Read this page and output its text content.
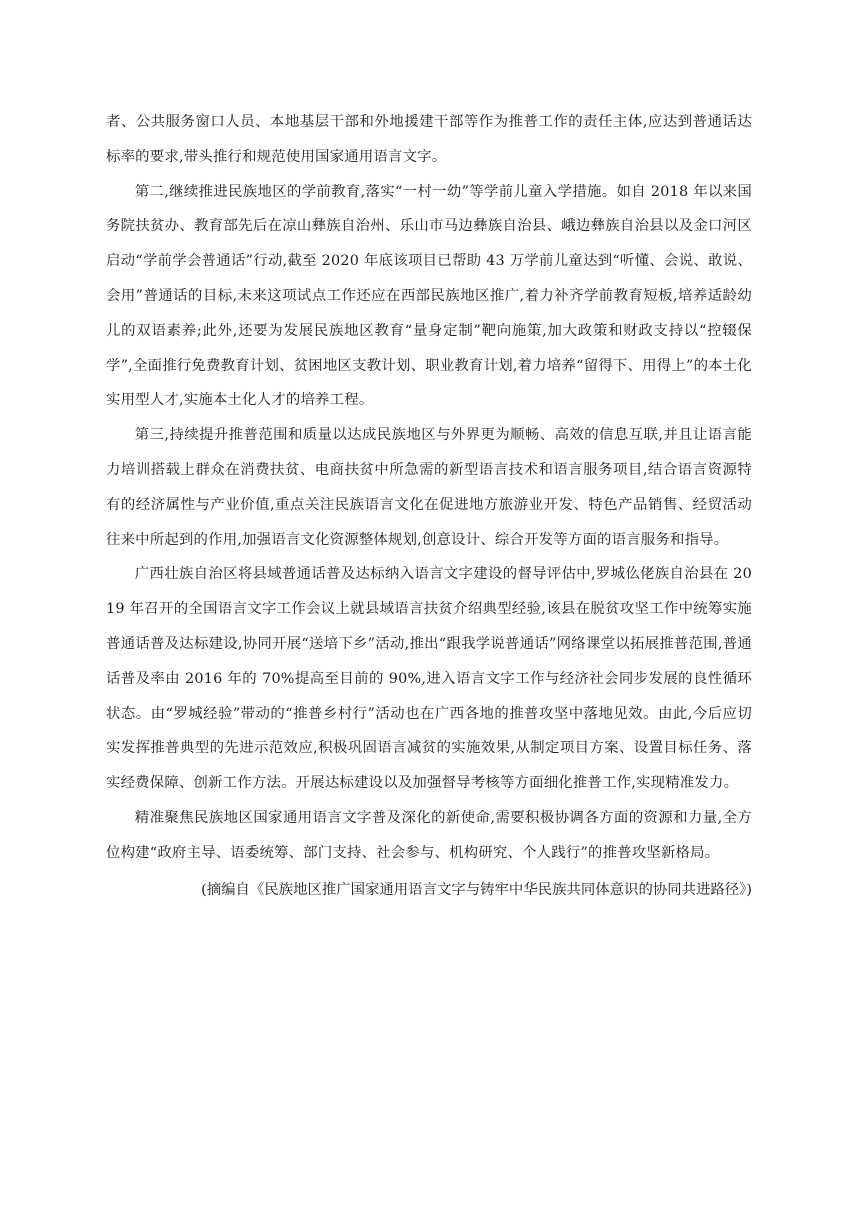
者、公共服务窗口人员、本地基层干部和外地援建干部等作为推普工作的责任主体,应达到普通话达标率的要求,带头推行和规范使用国家通用语言文字。

第二,继续推进民族地区的学前教育,落实“一村一幼”等学前儿童入学措施。如自 2018 年以来国务院扶贫办、教育部先后在凉山彝族自治州、乐山市马边彝族自治县、峨边彝族自治县以及金口河区启动“学前学会普通话”行动,截至 2020 年底该项目已帮助 43 万学前儿童达到“听懂、会说、敢说、会用”普通话的目标,未来这项试点工作还应在西部民族地区推广,着力补齐学前教育短板,培养适龄幼儿的双语素养;此外,还要为发展民族地区教育“量身定制”靶向施策,加大政策和财政支持以“控辍保学”,全面推行免费教育计划、贫困地区支教计划、职业教育计划,着力培养“留得下、用得上”的本土化实用型人才,实施本土化人才的培养工程。

第三,持续提升推普范围和质量以达成民族地区与外界更为顺畅、高效的信息互联,并且让语言能力培训搭载上群众在消费扶贫、电商扶贫中所急需的新型语言技术和语言服务项目,结合语言资源特有的经济属性与产业价值,重点关注民族语言文化在促进地方旅游业开发、特色产品销售、经贸活动往来中所起到的作用,加强语言文化资源整体规划,创意设计、综合开发等方面的语言服务和指导。

广西壮族自治区将县域普通话普及达标纳入语言文字建设的督导评估中,罗城仫佬族自治县在 2019 年召开的全国语言文字工作会议上就县域语言扶贫介绍典型经验,该县在脱贫攻坚工作中统筹实施普通话普及达标建设,协同开展“送培下乡”活动,推出“跟我学说普通话”网络课堂以拓展推普范围,普通话普及率由 2016 年的 70%提高至目前的 90%,进入语言文字工作与经济社会同步发展的良性循环状态。由“罗城经验”带动的“推普乡村行”活动也在广西各地的推普攻坚中落地见效。由此,今后应切实发挥推普典型的先进示范效应,积极巩固语言减贫的实施效果,从制定项目方案、设置目标任务、落实经费保障、创新工作方法。开展达标建设以及加强督导考核等方面细化推普工作,实现精准发力。

精准聚焦民族地区国家通用语言文字普及深化的新使命,需要积极协调各方面的资源和力量,全方位构建“政府主导、语委统筹、部门支持、社会参与、机构研究、个人践行”的推普攻坚新格局。

(摘编自《民族地区推广国家通用语言文字与铸牢中华民族共同体意识的协同共进路径》)
